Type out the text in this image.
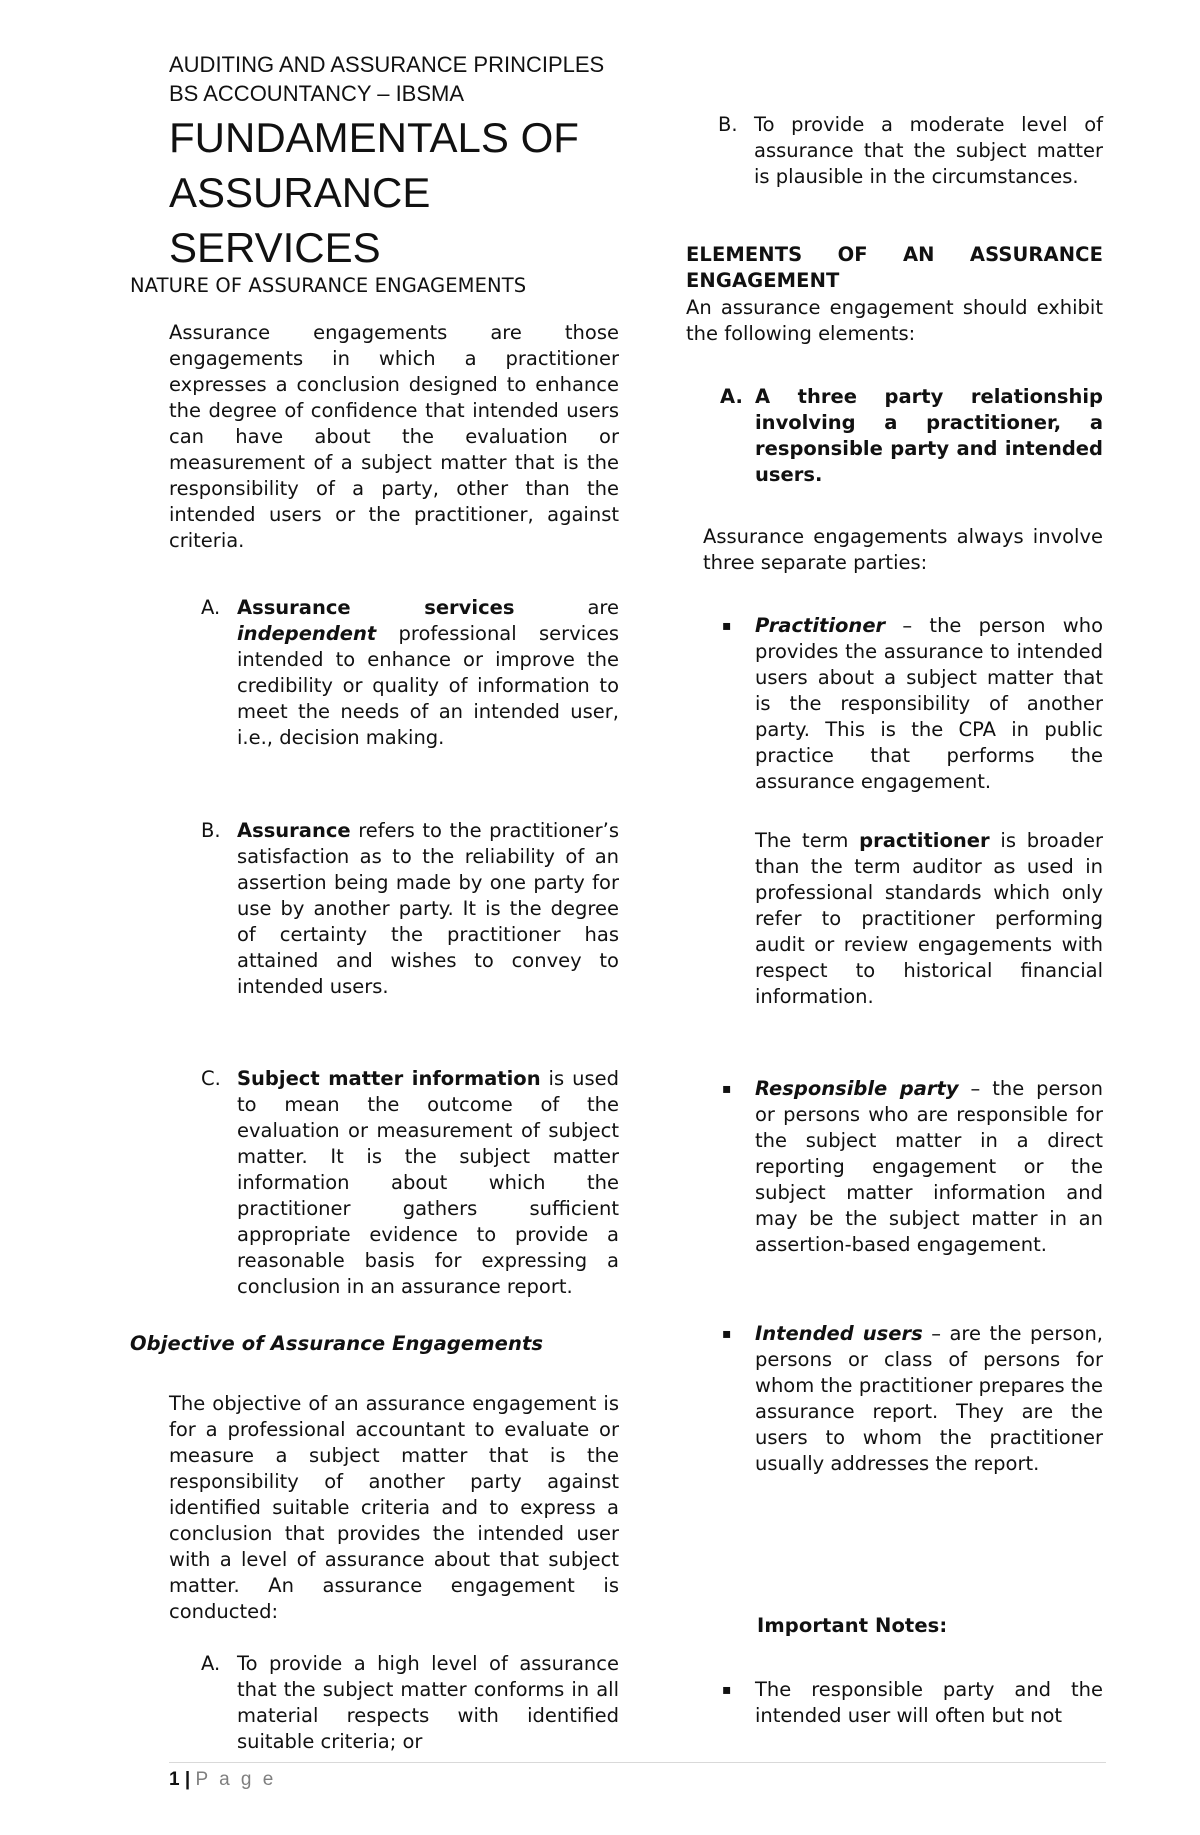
AUDITING AND ASSURANCE PRINCIPLES
BS ACCOUNTANCY – IBSMA
FUNDAMENTALS OF ASSURANCE SERVICES
NATURE OF ASSURANCE ENGAGEMENTS

Assurance engagements are those engagements in which a practitioner expresses a conclusion designed to enhance the degree of confidence that intended users can have about the evaluation or measurement of a subject matter that is the responsibility of a party, other than the intended users or the practitioner, against criteria.

A. Assurance services are independent professional services intended to enhance or improve the credibility or quality of information to meet the needs of an intended user, i.e., decision making.

B. Assurance refers to the practitioner’s satisfaction as to the reliability of an assertion being made by one party for use by another party. It is the degree of certainty the practitioner has attained and wishes to convey to intended users.

C. Subject matter information is used to mean the outcome of the evaluation or measurement of subject matter. It is the subject matter information about which the practitioner gathers sufficient appropriate evidence to provide a reasonable basis for expressing a conclusion in an assurance report.

Objective of Assurance Engagements

The objective of an assurance engagement is for a professional accountant to evaluate or measure a subject matter that is the responsibility of another party against identified suitable criteria and to express a conclusion that provides the intended user with a level of assurance about that subject matter. An assurance engagement is conducted:

A. To provide a high level of assurance that the subject matter conforms in all material respects with identified suitable criteria; or

B. To provide a moderate level of assurance that the subject matter is plausible in the circumstances.

ELEMENTS OF AN ASSURANCE ENGAGEMENT

An assurance engagement should exhibit the following elements:

A. A three party relationship involving a practitioner, a responsible party and intended users.

Assurance engagements always involve three separate parties:

▪ Practitioner – the person who provides the assurance to intended users about a subject matter that is the responsibility of another party. This is the CPA in public practice that performs the assurance engagement.

The term practitioner is broader than the term auditor as used in professional standards which only refer to practitioner performing audit or review engagements with respect to historical financial information.

▪ Responsible party – the person or persons who are responsible for the subject matter in a direct reporting engagement or the subject matter information and may be the subject matter in an assertion-based engagement.

▪ Intended users – are the person, persons or class of persons for whom the practitioner prepares the assurance report. They are the users to whom the practitioner usually addresses the report.

Important Notes:
▪ The responsible party and the intended user will often but not

1 | P a g e
